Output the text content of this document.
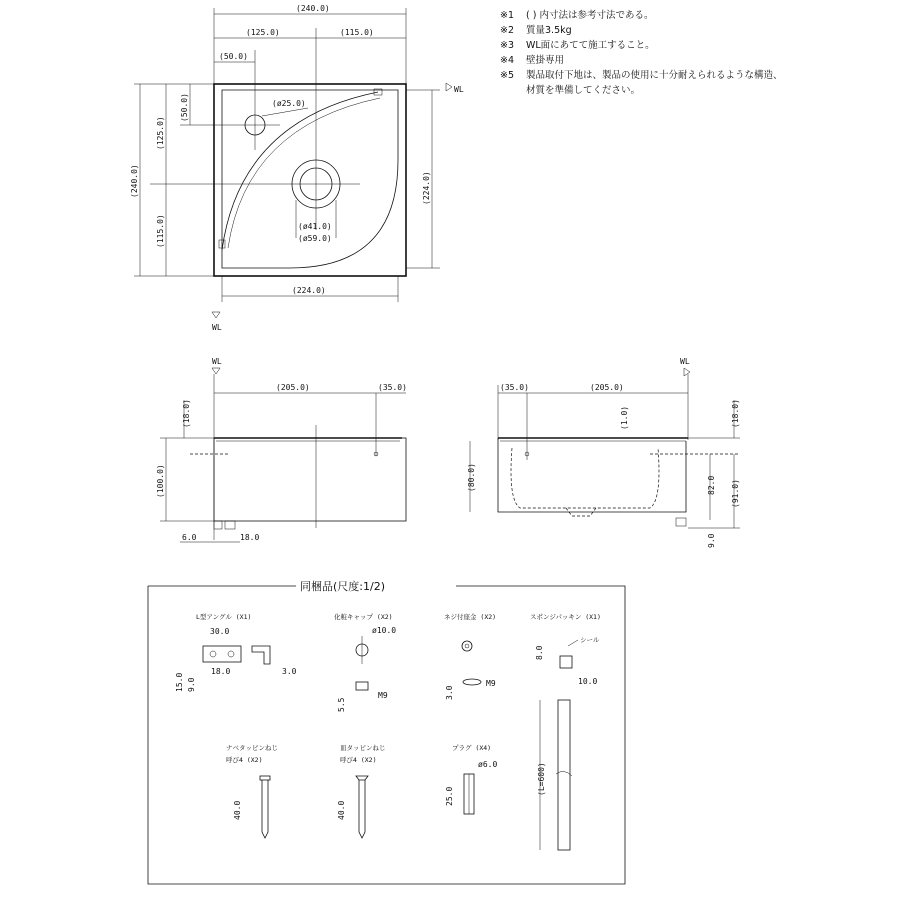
※1 ( ) 内寸法は参考寸法である。
※2 質量3.5kg
※3 WL面にあてて施工すること。
※4 壁掛専用
※5 製品取付下地は、製品の使用に十分耐えられるような構造、
材質を準備してください。
(240.0)
(125.0)	(115.0)
(50.0)
(ø25.0)
(240.0)
(125.0)
(115.0)
(50.0)
(224.0)
WL
(224.0)
WL
(ø41.0)
(ø59.0)
WL
(205.0)	(35.0)
(18.0)
(100.0)
6.0	18.0
WL
(35.0)	(205.0)
(1.0)	(18.0)
(91.0)
82.0
(80.0)
9.0
同梱品(尺度:1/2)
L型アングル (X1)
30.0
18.0
15.0 9.0
3.0
化粧キャップ (X2)
ø10.0
M9
5.5
ネジ付座金 (X2)
M9
3.0
スポンジパッキン (X1)
シール
8.0
10.0
(L=600)
ナベタッピンねじ
呼び4 (X2)
40.0
皿タッピンねじ
呼び4 (X2)
40.0
プラグ (X4)
ø6.0
25.0
